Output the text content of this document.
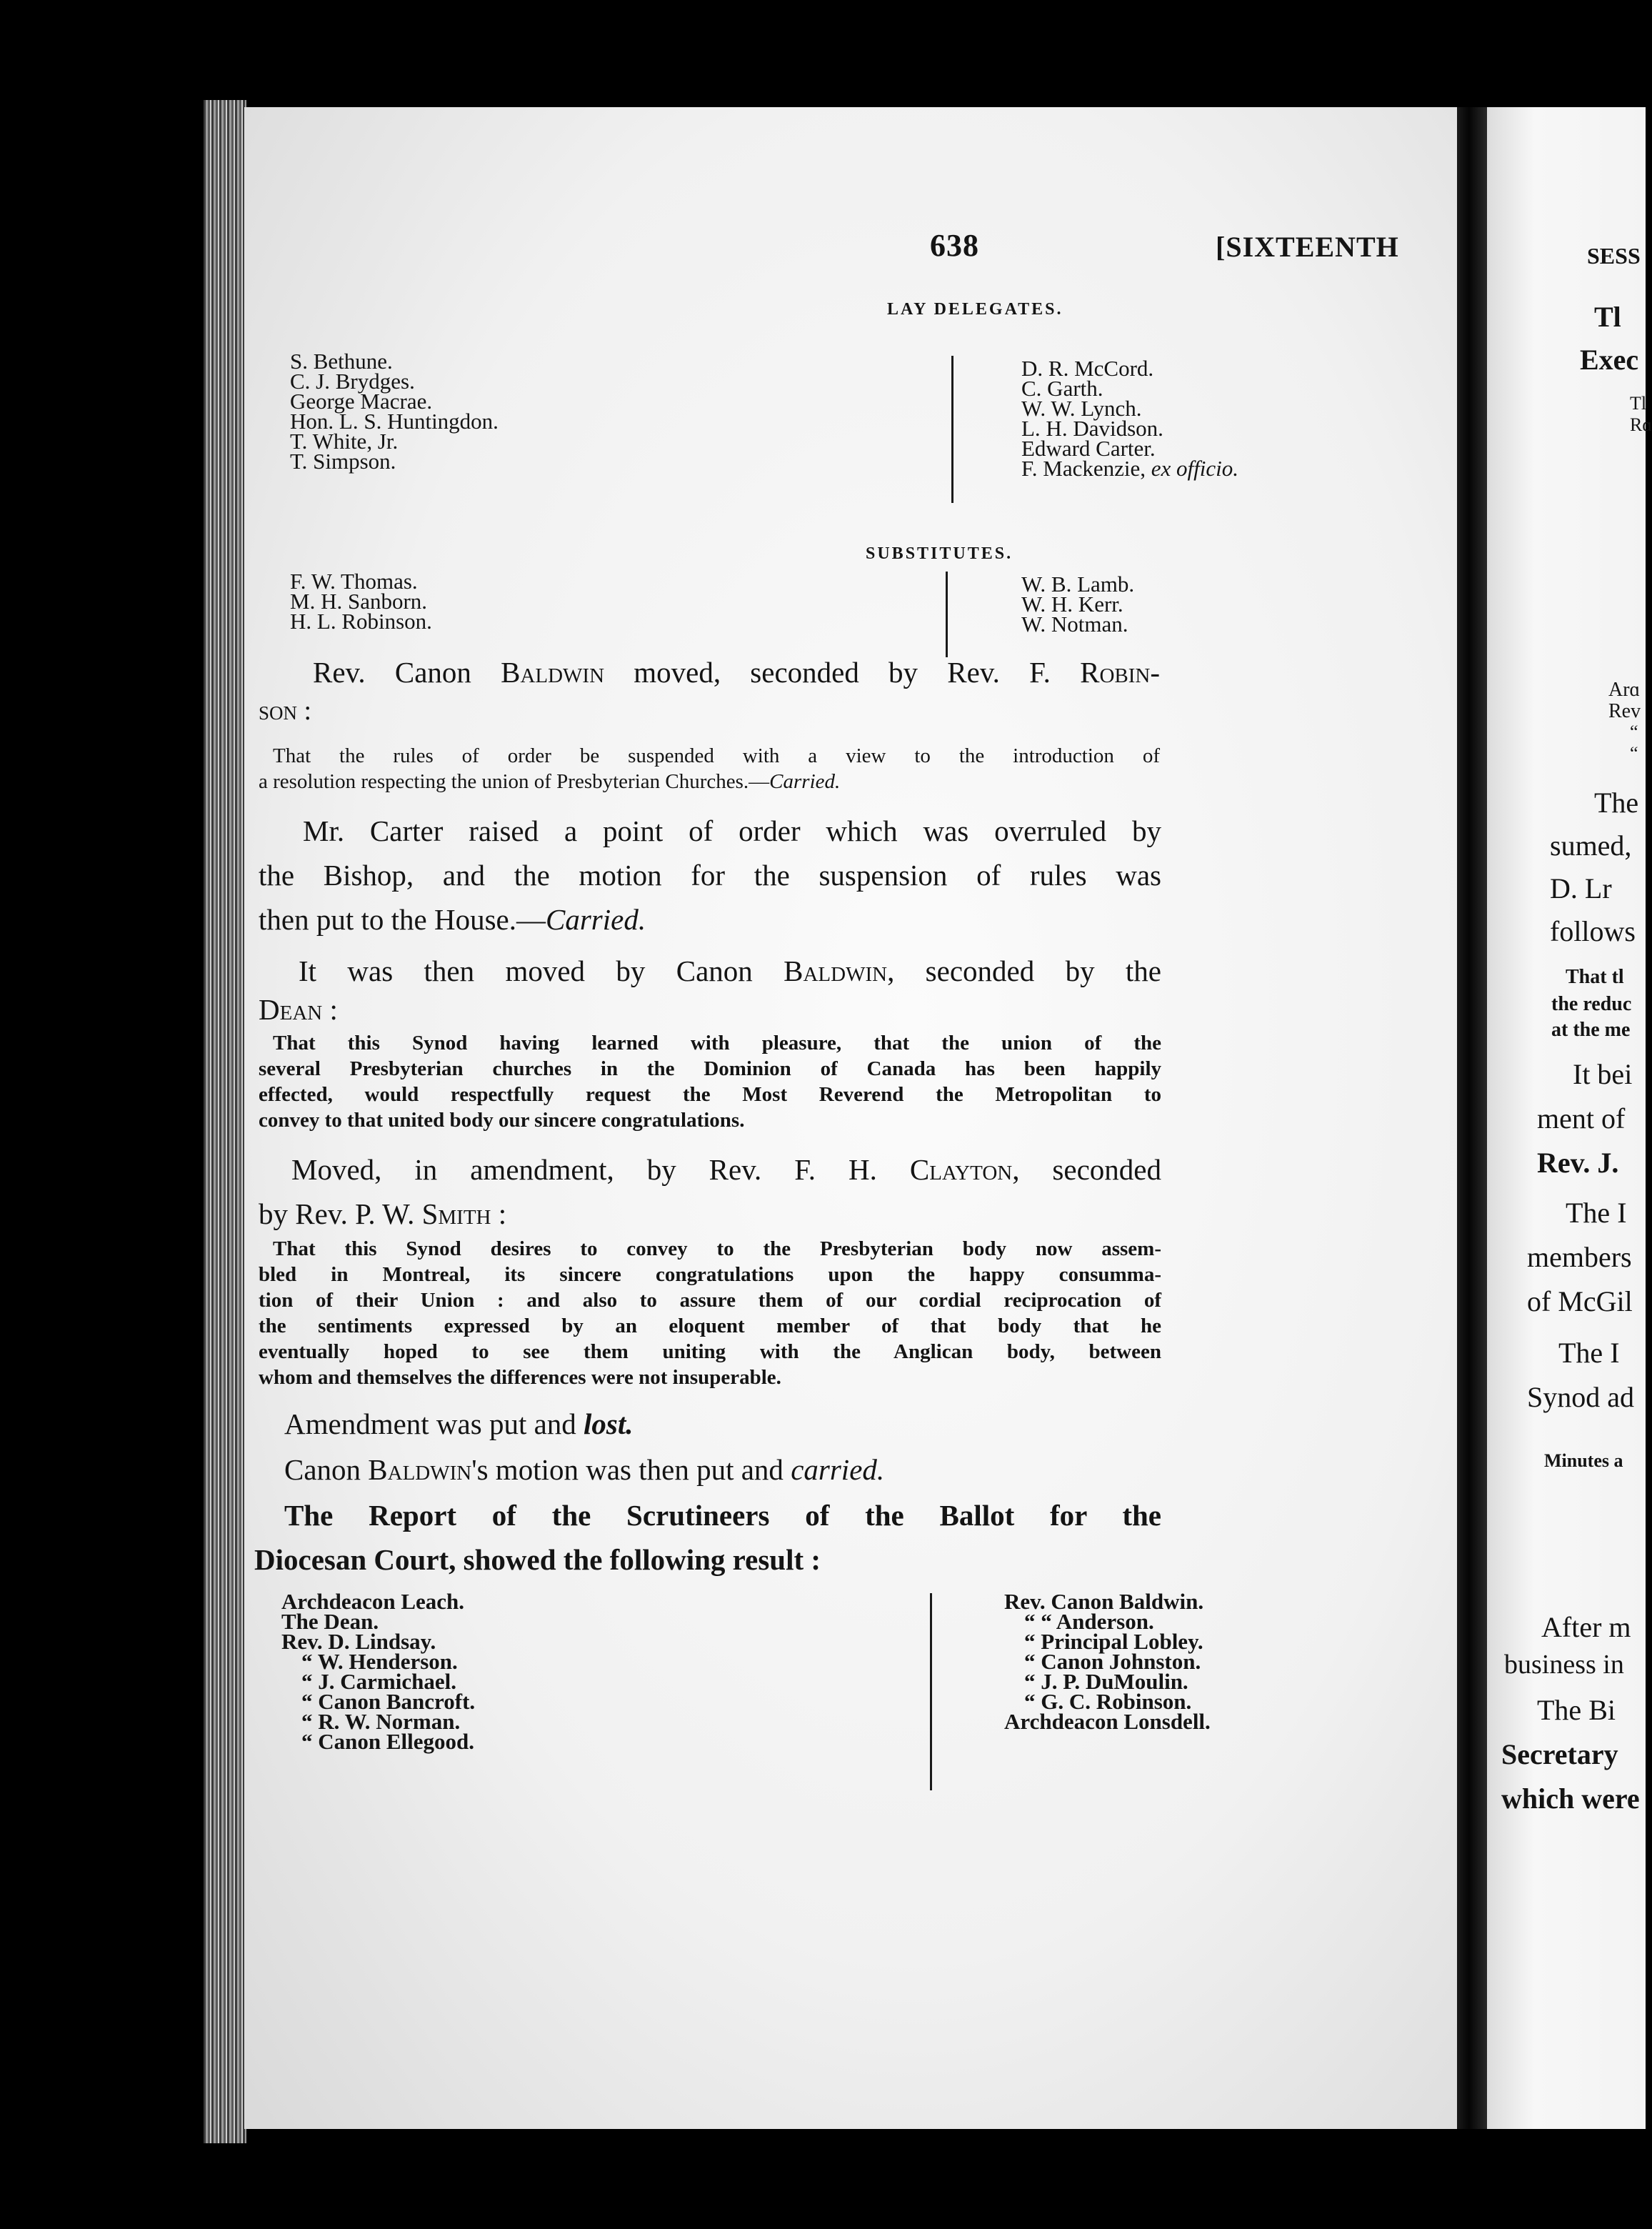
638	[SIXTEENTH
LAY DELEGATES.
S. Bethune.
C. J. Brydges.
George Macrae.
Hon. L. S. Huntingdon.
T. White, Jr.
T. Simpson.
D. R. McCord.
C. Garth.
W. W. Lynch.
L. H. Davidson.
Edward Carter.
F. Mackenzie, ex officio.
SUBSTITUTES.
F. W. Thomas.
M. H. Sanborn.
H. L. Robinson.
W. B. Lamb.
W. H. Kerr.
W. Notman.
Rev. Canon Baldwin moved, seconded by Rev. F. Robin-
son :
That the rules of order be suspended with a view to the introduction of
a resolution respecting the union of Presbyterian Churches.—Carried.
Mr. Carter raised a point of order which was overruled by
the Bishop, and the motion for the suspension of rules was
then put to the House.—Carried.
It was then moved by Canon Baldwin, seconded by the
Dean :
That this Synod having learned with pleasure, that the union of the
several Presbyterian churches in the Dominion of Canada has been happily
effected, would respectfully request the Most Reverend the Metropolitan to
convey to that united body our sincere congratulations.
Moved, in amendment, by Rev. F. H. Clayton, seconded
by Rev. P. W. Smith :
That this Synod desires to convey to the Presbyterian body now assem-
bled in Montreal, its sincere congratulations upon the happy consumma-
tion of their Union : and also to assure them of our cordial reciprocation of
the sentiments expressed by an eloquent member of that body that he
eventually hoped to see them uniting with the Anglican body, between
whom and themselves the differences were not insuperable.
Amendment was put and lost.
Canon Baldwin's motion was then put and carried.
The Report of the Scrutineers of the Ballot for the
Diocesan Court, showed the following result :
Archdeacon Leach.
The Dean.
Rev. D. Lindsay.
“ W. Henderson.
“ J. Carmichael.
“ Canon Bancroft.
“ R. W. Norman.
“ Canon Ellegood.
Rev. Canon Baldwin.
“ “ Anderson.
“ Principal Lobley.
“ Canon Johnston.
“ J. P. DuMoulin.
“ G. C. Robinson.
Archdeacon Lonsdell.
SESS
Tl
Exec
Tl
Rɑ
Arɑ
Rev
“
“
The
sumed,
D. Lr
follows
That tl
the reduc
at the me
It bei
ment of
Rev. J.
The I
members
of McGil
The I
Synod ad
Minutes a
After m
business in
The Bi
Secretary
which were
